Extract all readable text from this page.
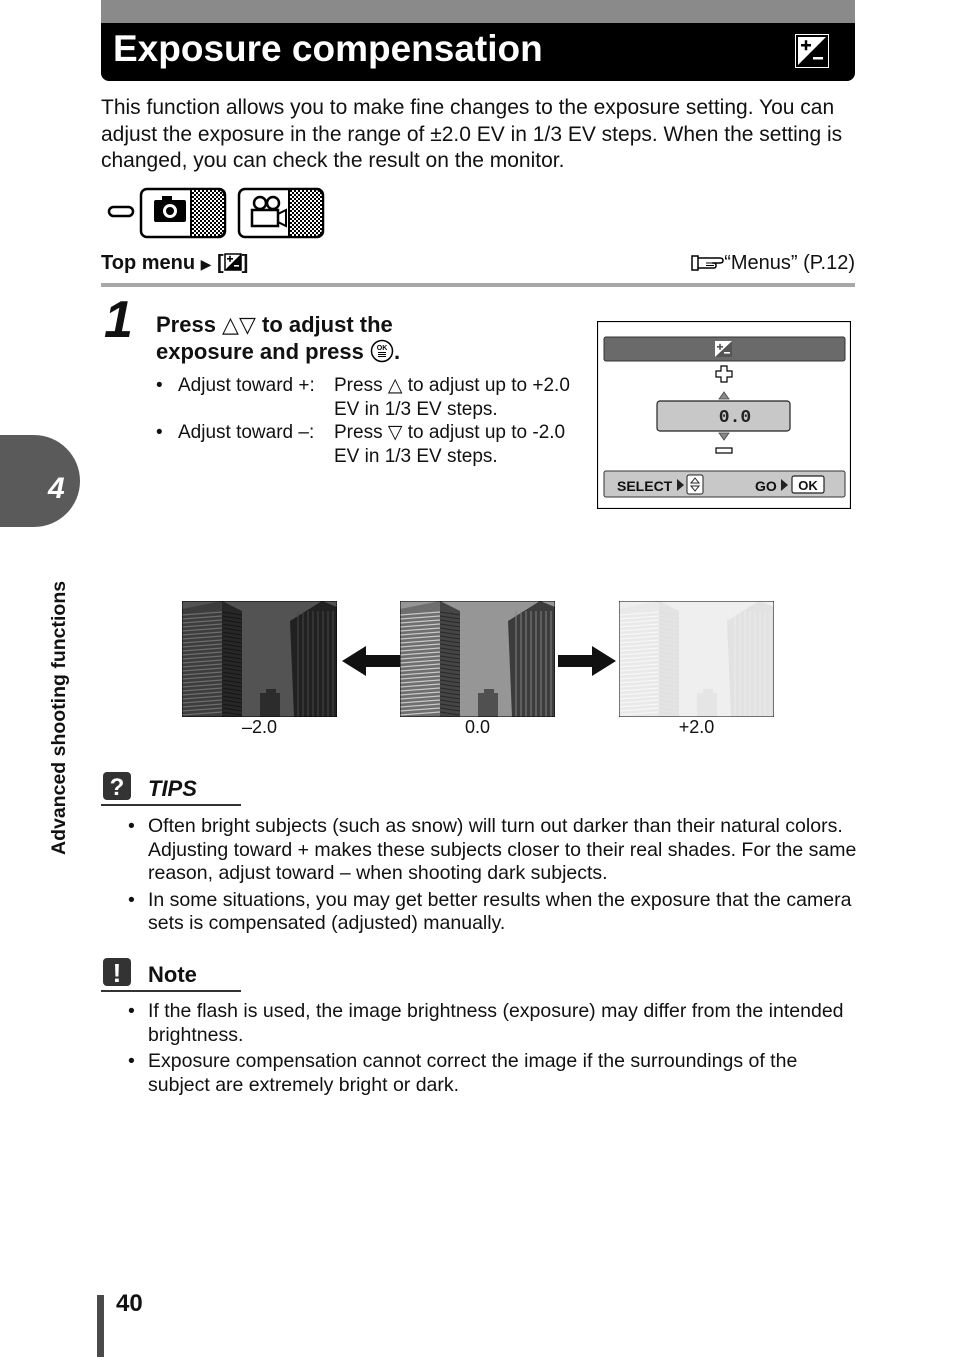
Exposure compensation
This function allows you to make fine changes to the exposure setting. You can adjust the exposure in the range of ±2.0 EV in 1/3 EV steps. When the setting is changed, you can check the result on the monitor.
Top menu ▶ [ ]	“Menus” (P.12)
1 Press △▽ to adjust the
exposure and press OK .
• Adjust toward +: Press △ to adjust up to +2.0 EV in 1/3 EV steps.
• Adjust toward –: Press ▽ to adjust up to -2.0 EV in 1/3 EV steps.
+
0.0
−
SELECT	GO OK
–2.0	0.0	+2.0
? TIPS
• Often bright subjects (such as snow) will turn out darker than their natural colors. Adjusting toward + makes these subjects closer to their real shades. For the same reason, adjust toward – when shooting dark subjects.
• In some situations, you may get better results when the exposure that the camera sets is compensated (adjusted) manually.
! Note
• If the flash is used, the image brightness (exposure) may differ from the intended brightness.
• Exposure compensation cannot correct the image if the surroundings of the subject are extremely bright or dark.
4
Advanced shooting functions
40
